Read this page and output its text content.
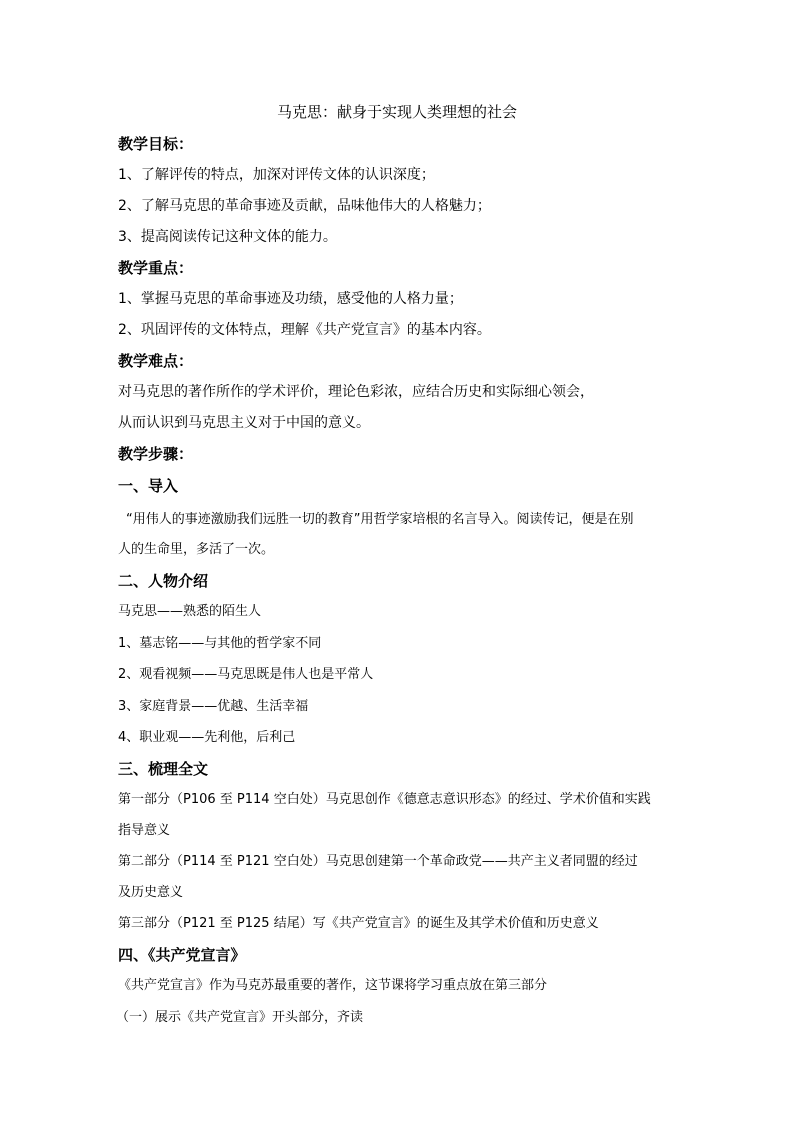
马克思：献身于实现人类理想的社会
教学目标：
1、了解评传的特点，加深对评传文体的认识深度；
2、了解马克思的革命事迹及贡献，品味他伟大的人格魅力；
3、提高阅读传记这种文体的能力。
教学重点：
1、掌握马克思的革命事迹及功绩，感受他的人格力量；
2、巩固评传的文体特点，理解《共产党宣言》的基本内容。
教学难点：
对马克思的著作所作的学术评价，理论色彩浓，应结合历史和实际细心领会，
从而认识到马克思主义对于中国的意义。
教学步骤：
一、导入
“用伟人的事迹激励我们远胜一切的教育”用哲学家培根的名言导入。阅读传记，便是在别
人的生命里，多活了一次。
二、人物介绍
马克思——熟悉的陌生人
1、墓志铭——与其他的哲学家不同
2、观看视频——马克思既是伟人也是平常人
3、家庭背景——优越、生活幸福
4、职业观——先利他，后利己
三、梳理全文
第一部分（P106 至 P114 空白处）马克思创作《德意志意识形态》的经过、学术价值和实践
指导意义
第二部分（P114 至 P121 空白处）马克思创建第一个革命政党——共产主义者同盟的经过
及历史意义
第三部分（P121 至 P125 结尾）写《共产党宣言》的诞生及其学术价值和历史意义
四、《共产党宣言》
《共产党宣言》作为马克苏最重要的著作，这节课将学习重点放在第三部分
（一）展示《共产党宣言》开头部分，齐读
